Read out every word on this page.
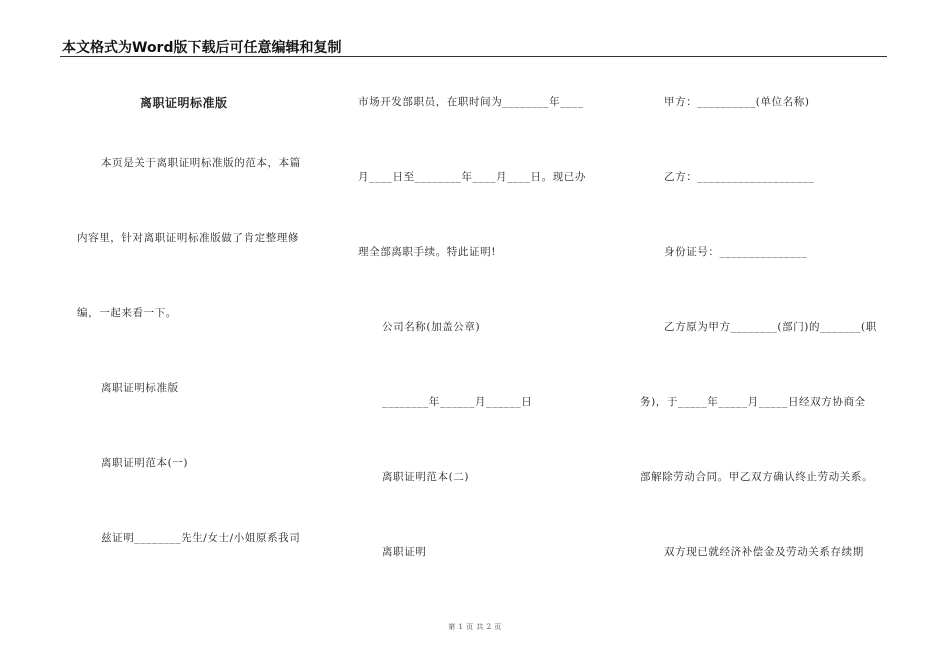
本文格式为Word版下载后可任意编辑和复制
离职证明标准版
本页是关于离职证明标准版的范本，本篇
内容里，针对离职证明标准版做了肯定整理修
编，一起来看一下。
离职证明标准版
离职证明范本(一)
兹证明________先生/女士/小姐原系我司
市场开发部职员，在职时间为________年____
月____日至________年____月____日。现已办
理全部离职手续。特此证明!
公司名称(加盖公章)
________年______月______日
离职证明范本(二)
离职证明
甲方：__________(单位名称)
乙方：____________________
身份证号：_______________
乙方原为甲方________(部门)的_______(职
务)，于_____年_____月_____日经双方协商全
部解除劳动合同。甲乙双方确认终止劳动关系。
双方现已就经济补偿金及劳动关系存续期
第 1 页 共 2 页
